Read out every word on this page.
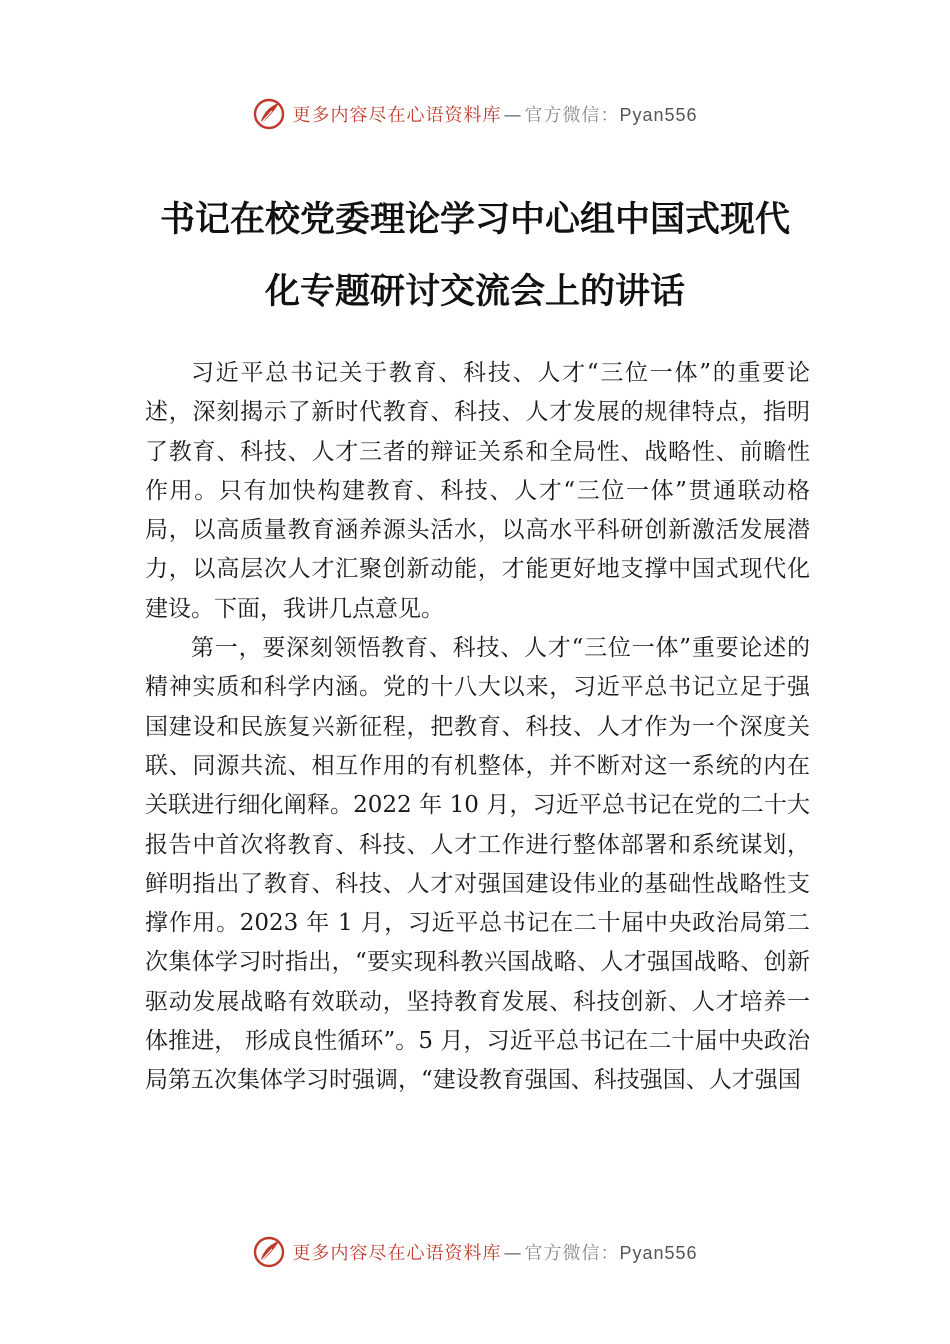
更多内容尽在心语资料库 — 官方微信：Pyan556
书记在校党委理论学习中心组中国式现代
化专题研讨交流会上的讲话

习近平总书记关于教育、科技、人才“三位一体”的重要论述，深刻揭示了新时代教育、科技、人才发展的规律特点，指明了教育、科技、人才三者的辩证关系和全局性、战略性、前瞻性作用。只有加快构建教育、科技、人才“三位一体”贯通联动格局，以高质量教育涵养源头活水，以高水平科研创新激活发展潜力，以高层次人才汇聚创新动能，才能更好地支撑中国式现代化建设。下面，我讲几点意见。

第一，要深刻领悟教育、科技、人才“三位一体”重要论述的精神实质和科学内涵。党的十八大以来，习近平总书记立足于强国建设和民族复兴新征程，把教育、科技、人才作为一个深度关联、同源共流、相互作用的有机整体，并不断对这一系统的内在关联进行细化阐释。2022 年 10 月，习近平总书记在党的二十大报告中首次将教育、科技、人才工作进行整体部署和系统谋划，鲜明指出了教育、科技、人才对强国建设伟业的基础性战略性支撑作用。2023 年 1 月，习近平总书记在二十届中央政治局第二次集体学习时指出，“要实现科教兴国战略、人才强国战略、创新驱动发展战略有效联动，坚持教育发展、科技创新、人才培养一体推进， 形成良性循环”。5 月，习近平总书记在二十届中央政治局第五次集体学习时强调，“建设教育强国、科技强国、人才强国

更多内容尽在心语资料库 — 官方微信：Pyan556
